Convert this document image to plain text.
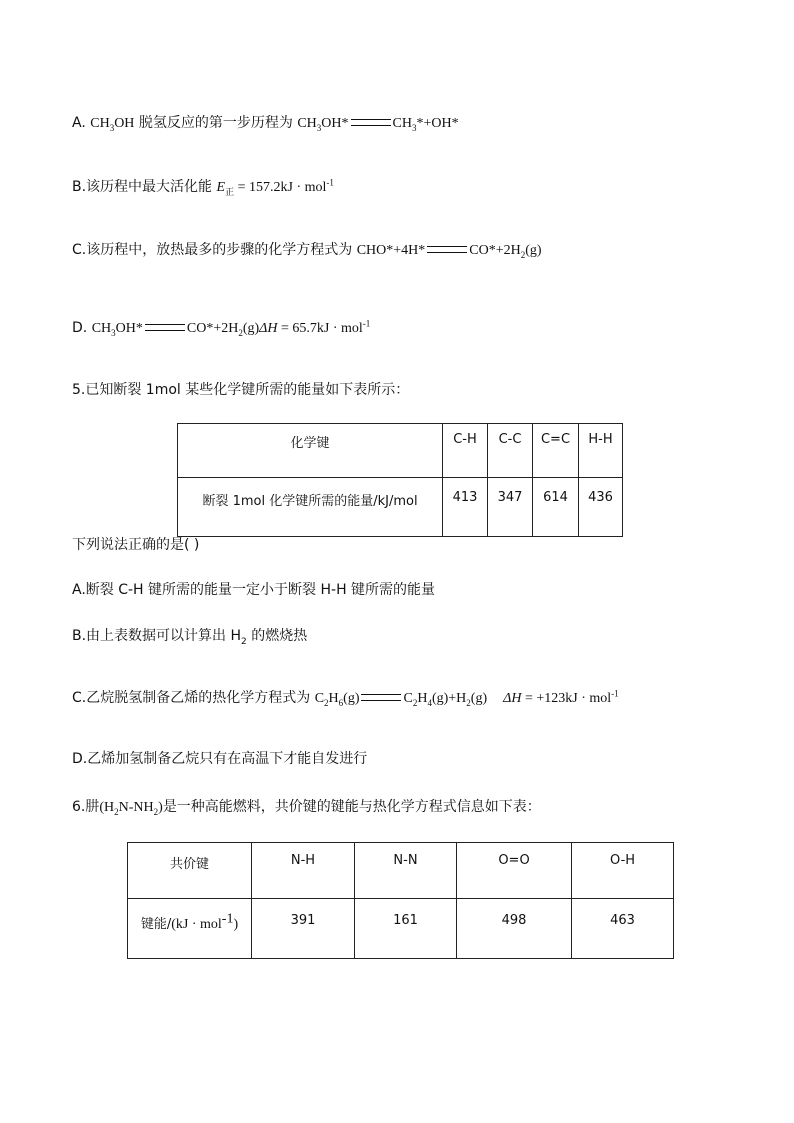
A. $CH_3OH$ 脱氢反应的第一步历程为 $CH_3OH*$	$CH_3*+OH*$
B.该历程中最大活化能 $E_正 = 157.2kJ \cdot mol^{-1}$
C.该历程中，放热最多的步骤的化学方程式为 CHO*+4H*	$CO*+2H_2(g)$
D. $CH_3OH*$	$CO*+2H_2(g)\Delta H = 65.7kJ \cdot mol^{-1}$
5.已知断裂 1mol 某些化学键所需的能量如下表所示：
化学键	C-H	C-C	C=C	H-H
断裂 1mol 化学键所需的能量/kJ/mol	413	347	614	436
下列说法正确的是( )
A.断裂 C-H 键所需的能量一定小于断裂 H-H 键所需的能量
B.由上表数据可以计算出 $H_2$ 的燃烧热
C.乙烷脱氢制备乙烯的热化学方程式为 $C_2H_6(g)$	$C_2H_4(g)+H_2(g) \Delta H = +123kJ \cdot mol^{-1}$
D.乙烯加氢制备乙烷只有在高温下才能自发进行
6.肼$(H_2N-NH_2)$是一种高能燃料，共价键的键能与热化学方程式信息如下表：
共价键	N-H	N-N	O=O	O-H
键能/(kJ · mol$^{-1}$)	391	161	498	463
